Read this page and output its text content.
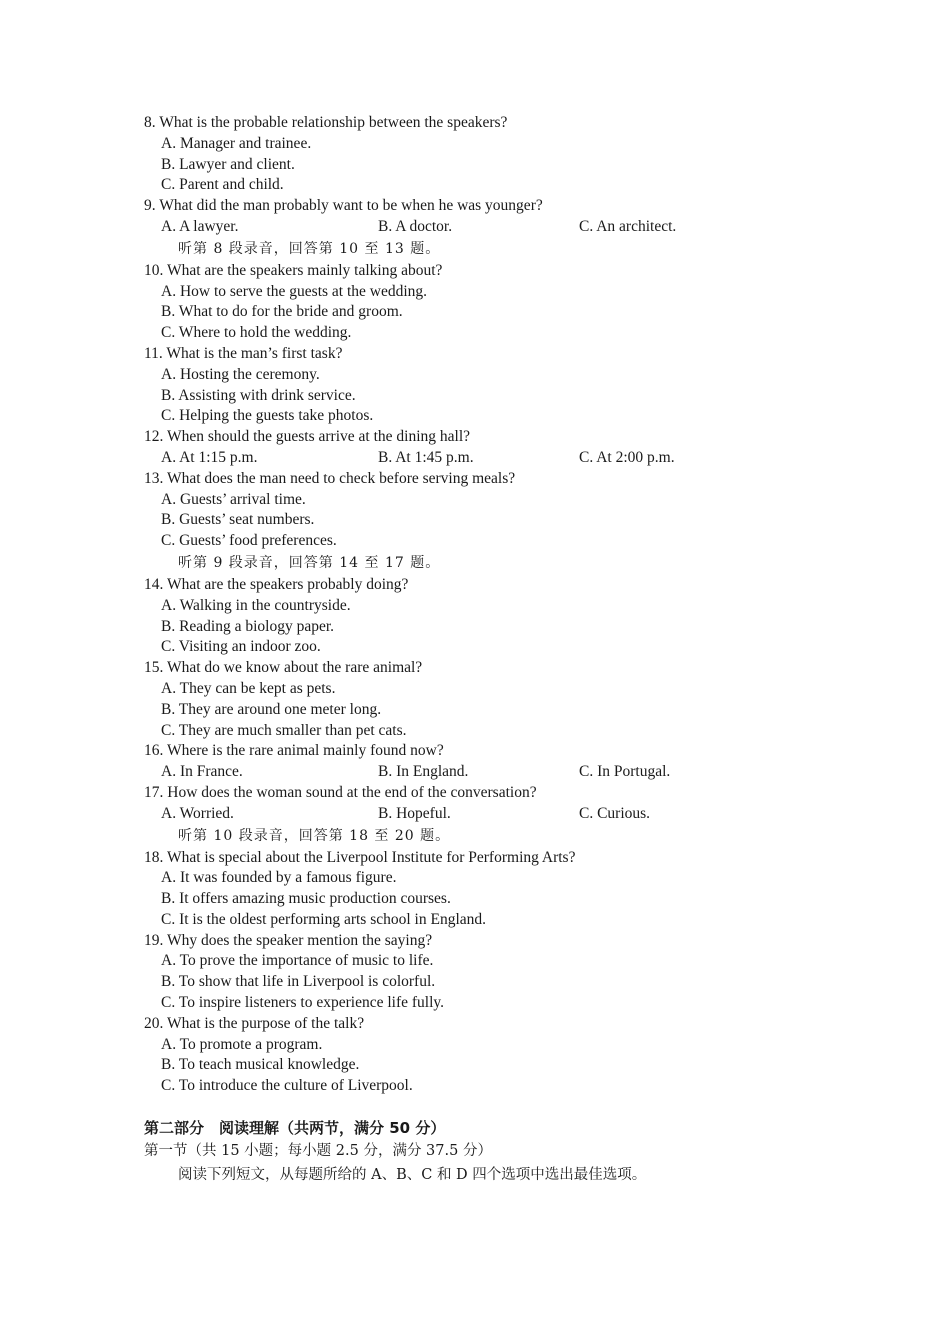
8. What is the probable relationship between the speakers?
A. Manager and trainee.
B. Lawyer and client.
C. Parent and child.
9. What did the man probably want to be when he was younger?
A. A lawyer.	B. A doctor.	C. An architect.
听第 8 段录音，回答第 10 至 13 题。
10. What are the speakers mainly talking about?
A. How to serve the guests at the wedding.
B. What to do for the bride and groom.
C. Where to hold the wedding.
11. What is the man’s first task?
A. Hosting the ceremony.
B. Assisting with drink service.
C. Helping the guests take photos.
12. When should the guests arrive at the dining hall?
A. At 1:15 p.m.	B. At 1:45 p.m.	C. At 2:00 p.m.
13. What does the man need to check before serving meals?
A. Guests’ arrival time.
B. Guests’ seat numbers.
C. Guests’ food preferences.
听第 9 段录音，回答第 14 至 17 题。
14. What are the speakers probably doing?
A. Walking in the countryside.
B. Reading a biology paper.
C. Visiting an indoor zoo.
15. What do we know about the rare animal?
A. They can be kept as pets.
B. They are around one meter long.
C. They are much smaller than pet cats.
16. Where is the rare animal mainly found now?
A. In France.	B. In England.	C. In Portugal.
17. How does the woman sound at the end of the conversation?
A. Worried.	B. Hopeful.	C. Curious.
听第 10 段录音，回答第 18 至 20 题。
18. What is special about the Liverpool Institute for Performing Arts?
A. It was founded by a famous figure.
B. It offers amazing music production courses.
C. It is the oldest performing arts school in England.
19. Why does the speaker mention the saying?
A. To prove the importance of music to life.
B. To show that life in Liverpool is colorful.
C. To inspire listeners to experience life fully.
20. What is the purpose of the talk?
A. To promote a program.
B. To teach musical knowledge.
C. To introduce the culture of Liverpool.
第二部分　阅读理解（共两节，满分 50 分）
第一节（共 15 小题；每小题 2.5 分，满分 37.5 分）
阅读下列短文，从每题所给的 A、B、C 和 D 四个选项中选出最佳选项。
